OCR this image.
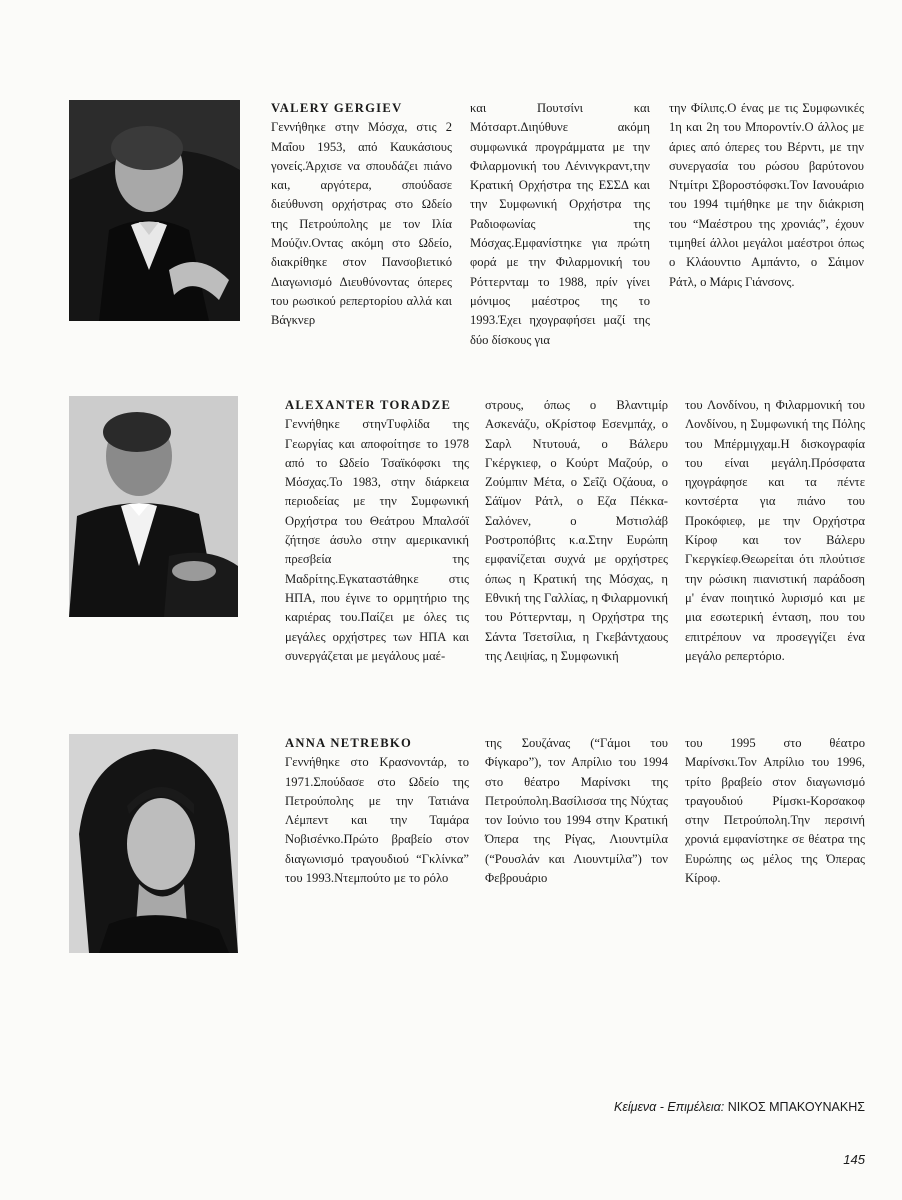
VALERY GERGIEV
Γεννήθηκε στην Μόσχα, στις 2 Μαΐου 1953, από Καυκάσιους γονείς.Άρχισε να σπουδάζει πιάνο και, αργότερα, σπούδασε διεύθυνση ορχήστρας στο Ωδείο της Πετρούπολης με τον Ιλία Μούζιν.Οντας ακόμη στο Ωδείο, διακρίθηκε στον Πανσοβιετικό Διαγωνισμό Διευθύνοντας όπερες του ρωσικού ρεπερτορίου αλλά και Βάγκνερ
και Πουτσίνι και Μότσαρτ.Διηύθυνε ακόμη συμφωνικά προγράμματα με την Φιλαρμονική του Λένινγκραντ,την Κρατική Ορχήστρα της ΕΣΣΔ και την Συμφωνική Ορχήστρα της Ραδιοφωνίας της Μόσχας.Εμφανίστηκε για πρώτη φορά με την Φιλαρμονική του Ρόττερνταμ το 1988, πρίν γίνει μόνιμος μαέστρος της το 1993.Έχει ηχογραφήσει μαζί της δύο δίσκους για
την Φίλιπς.Ο ένας με τις Συμφωνικές 1η και 2η του Μποροντίν.Ο άλλος με άριες από όπερες του Βέρντι, με την συνεργασία του ρώσου βαρύτονου Ντμίτρι Σβοροστόφσκι.Τον Ιανουάριο του 1994 τιμήθηκε με την διάκριση του “Μαέστρου της χρονιάς”, έχουν τιμηθεί άλλοι μεγάλοι μαέστροι όπως ο Κλάουντιο Αμπάντο, ο Σάιμον Ράτλ, ο Μάρις Γιάνσονς.
ALEXANTER TORADZE
Γεννήθηκε στηνΤυφλίδα της Γεωργίας και αποφοίτησε το 1978 από το Ωδείο Τσαϊκόφσκι της Μόσχας.Το 1983, στην διάρκεια περιοδείας με την Συμφωνική Ορχήστρα του Θεάτρου Μπαλσόϊ ζήτησε άσυλο στην αμερικανική πρεσβεία της Μαδρίτης.Εγκαταστάθηκε στις ΗΠΑ, που έγινε το ορμητήριο της καριέρας του.Παίζει με όλες τις μεγάλες ορχήστρες των ΗΠΑ και συνεργάζεται με μεγάλους μαέ-
στρους, όπως ο Βλαντιμίρ Ασκενάζυ, οΚρίστοφ Εσενμπάχ, ο Σαρλ Ντυτουά, ο Βάλερυ Γκέργκιεφ, ο Κούρτ Μαζούρ, ο Ζούμπιν Μέτα, ο Σεΐζι Οζάουα, ο Σάϊμον Ράτλ, ο Εζα Πέκκα-Σαλόνεν, ο Μστισλάβ Ροστροπόβιτς κ.α.Στην Ευρώπη εμφανίζεται συχνά με ορχήστρες όπως η Κρατική της Μόσχας, η Εθνική της Γαλλίας, η Φιλαρμονική του Ρόττερνταμ, η Ορχήστρα της Σάντα Τσετσίλια, η Γκεβάντχαους της Λειψίας, η Συμφωνική
του Λονδίνου, η Φιλαρμονική του Λονδίνου, η Συμφωνική της Πόλης του Μπέρμιγχαμ.Η δισκογραφία του είναι μεγάλη.Πρόσφατα ηχογράφησε και τα πέντε κοντσέρτα για πιάνο του Προκόφιεφ, με την Ορχήστρα Κίροφ και τον Βάλερυ Γκεργκίεφ.Θεωρείται ότι πλούτισε την ρώσικη πιανιστική παράδοση μ' έναν ποιητικό λυρισμό και με μια εσωτερική ένταση, που του επιτρέπουν να προσεγγίζει ένα μεγάλο ρεπερτόριο.
ANNA NETREBKO
Γεννήθηκε στο Κρασνοντάρ, το 1971.Σπούδασε στο Ωδείο της Πετρούπολης με την Τατιάνα Λέμπεντ και την Ταμάρα Νοβισένκο.Πρώτο βραβείο στον διαγωνισμό τραγουδιού “Γκλίνκα” του 1993.Ντεμπούτο με το ρόλο
της Σουζάνας (“Γάμοι του Φίγκαρο”), τον Απρίλιο του 1994 στο θέατρο Μαρίνσκι της Πετρούπολη.Βασίλισσα της Νύχτας τον Ιούνιο του 1994 στην Κρατική Όπερα της Ρίγας, Λιουντμίλα (“Ρουσλάν και Λιουντμίλα”) τον Φεβρουάριο
του 1995 στο θέατρο Μαρίνσκι.Τον Απρίλιο του 1996, τρίτο βραβείο στον διαγωνισμό τραγουδιού Ρίμσκι-Κορσακοφ στην Πετρούπολη.Την περσινή χρονιά εμφανίστηκε σε θέατρα της Ευρώπης ως μέλος της Όπερας Κίροφ.
Κείμενα - Επιμέλεια: ΝΙΚΟΣ ΜΠΑΚΟΥΝΑΚΗΣ
145
